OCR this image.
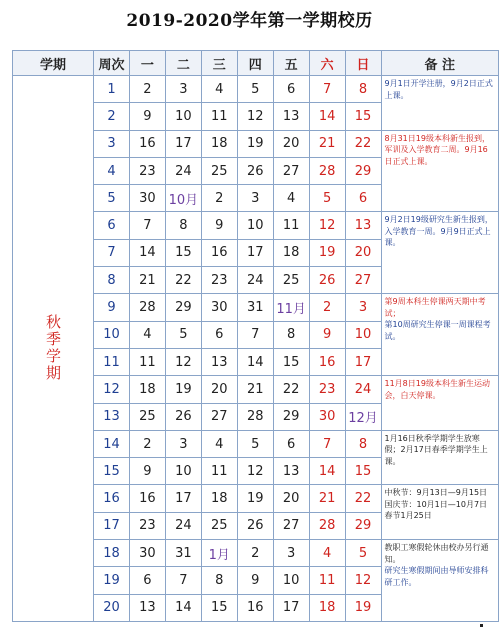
2019-2020学年第一学期校历
学期	周次	一	二	三	四	五	六	日	备 注
秋季学期	1	2	3	4	5	6	7	8	9月1日开学注册，9月2日正式上课。

	2	9	10	11	12	13	14	15	
	3	16	17	18	19	20	21	22	8月31日19级本科新生报到，军训及入学教育二周。9月16日正式上课。

	4	23	24	25	26	27	28	29	
	5	30	10月	2	3	4	5	6	
	6	7	8	9	10	11	12	13	9月2日19级研究生新生报到，入学教育一周。9月9日正式上课。

	7	14	15	16	17	18	19	20	
	8	21	22	23	24	25	26	27	
	9	28	29	30	31	11月	2	3	第9周本科生停课两天期中考试；
第10周研究生停课一周课程考试。

	10	4	5	6	7	8	9	10	
	11	11	12	13	14	15	16	17	
	12	18	19	20	21	22	23	24	11月8日19级本科生新生运动会，白天停课。

	13	25	26	27	28	29	30	12月	
	14	2	3	4	5	6	7	8	1月16日秋季学期学生放寒假；2月17日春季学期学生上课。

	15	9	10	11	12	13	14	15	
	16	16	17	18	19	20	21	22	中秋节：9月13日—9月15日
国庆节：10月1日—10月7日
春节1月25日

	17	23	24	25	26	27	28	29	
	18	30	31	1月	2	3	4	5	教职工寒假轮休由校办另行通知。
研究生寒假期间由导师安排科研工作。

	19	6	7	8	9	10	11	12	
	20	13	14	15	16	17	18	19	
